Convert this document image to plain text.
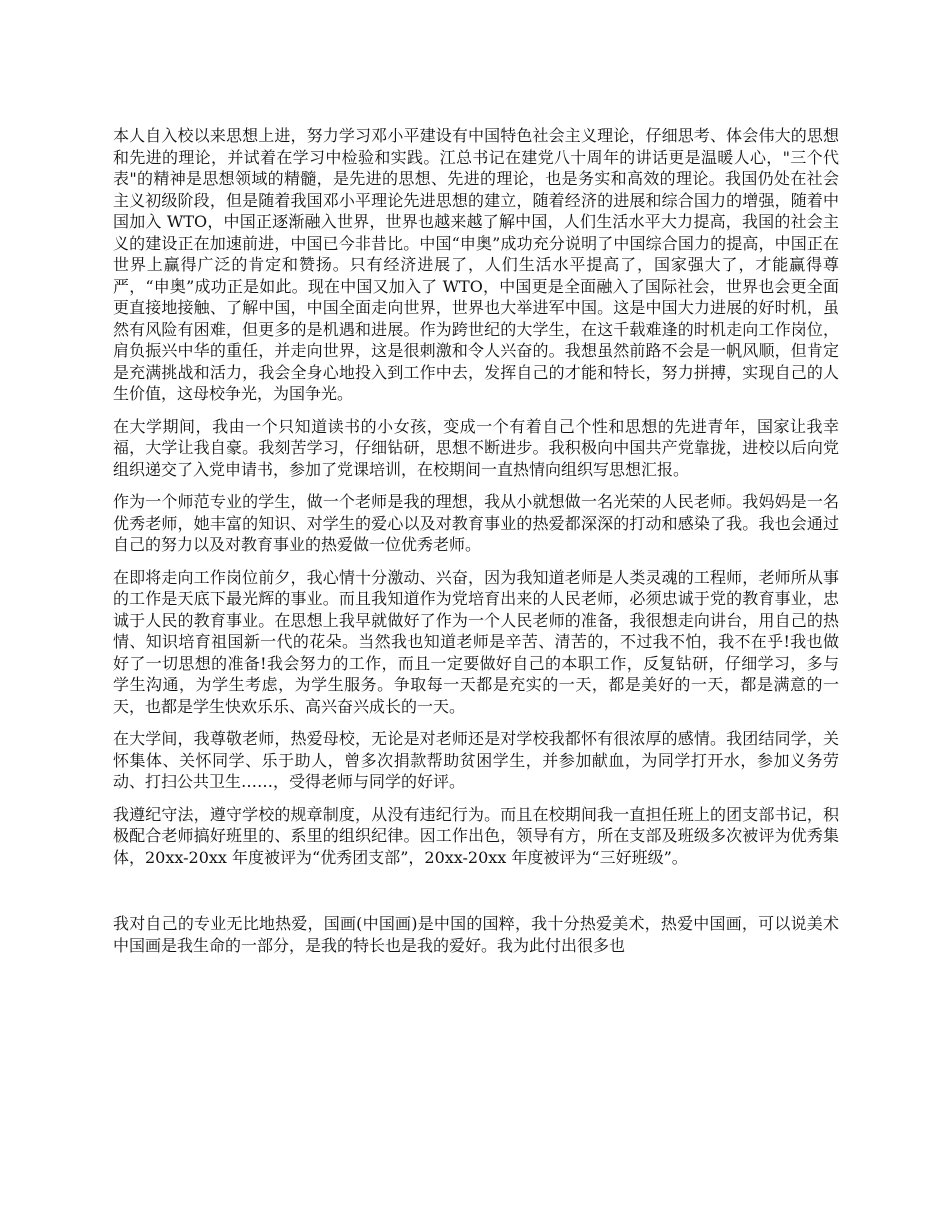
本人自入校以来思想上进，努力学习邓小平建设有中国特色社会主义理论，仔细思考、体会伟大的思想和先进的理论，并试着在学习中检验和实践。江总书记在建党八十周年的讲话更是温暖人心，"三个代表"的精神是思想领域的精髓，是先进的思想、先进的理论，也是务实和高效的理论。我国仍处在社会主义初级阶段，但是随着我国邓小平理论先进思想的建立，随着经济的进展和综合国力的增强，随着中国加入 WTO，中国正逐渐融入世界，世界也越来越了解中国，人们生活水平大力提高，我国的社会主义的建设正在加速前进，中国已今非昔比。中国“申奥”成功充分说明了中国综合国力的提高，中国正在世界上赢得广泛的肯定和赞扬。只有经济进展了，人们生活水平提高了，国家强大了，才能赢得尊严，“申奥”成功正是如此。现在中国又加入了 WTO，中国更是全面融入了国际社会，世界也会更全面更直接地接触、了解中国，中国全面走向世界，世界也大举进军中国。这是中国大力进展的好时机，虽然有风险有困难，但更多的是机遇和进展。作为跨世纪的大学生，在这千载难逢的时机走向工作岗位，肩负振兴中华的重任，并走向世界，这是很刺激和令人兴奋的。我想虽然前路不会是一帆风顺，但肯定是充满挑战和活力，我会全身心地投入到工作中去，发挥自己的才能和特长，努力拼搏，实现自己的人生价值，这母校争光，为国争光。

在大学期间，我由一个只知道读书的小女孩，变成一个有着自己个性和思想的先进青年，国家让我幸福，大学让我自豪。我刻苦学习，仔细钻研，思想不断进步。我积极向中国共产党靠拢，进校以后向党组织递交了入党申请书，参加了党课培训，在校期间一直热情向组织写思想汇报。

作为一个师范专业的学生，做一个老师是我的理想，我从小就想做一名光荣的人民老师。我妈妈是一名优秀老师，她丰富的知识、对学生的爱心以及对教育事业的热爱都深深的打动和感染了我。我也会通过自己的努力以及对教育事业的热爱做一位优秀老师。

在即将走向工作岗位前夕，我心情十分激动、兴奋，因为我知道老师是人类灵魂的工程师，老师所从事的工作是天底下最光辉的事业。而且我知道作为党培育出来的人民老师，必须忠诚于党的教育事业，忠诚于人民的教育事业。在思想上我早就做好了作为一个人民老师的准备，我很想走向讲台，用自己的热情、知识培育祖国新一代的花朵。当然我也知道老师是辛苦、清苦的，不过我不怕，我不在乎!我也做好了一切思想的准备!我会努力的工作，而且一定要做好自己的本职工作，反复钻研，仔细学习，多与学生沟通，为学生考虑，为学生服务。争取每一天都是充实的一天，都是美好的一天，都是满意的一天，也都是学生快欢乐乐、高兴奋兴成长的一天。

在大学间，我尊敬老师，热爱母校，无论是对老师还是对学校我都怀有很浓厚的感情。我团结同学，关怀集体、关怀同学、乐于助人，曾多次捐款帮助贫困学生，并参加献血，为同学打开水，参加义务劳动、打扫公共卫生……，受得老师与同学的好评。

我遵纪守法，遵守学校的规章制度，从没有违纪行为。而且在校期间我一直担任班上的团支部书记，积极配合老师搞好班里的、系里的组织纪律。因工作出色，领导有方，所在支部及班级多次被评为优秀集体，20xx-20xx 年度被评为“优秀团支部”，20xx-20xx 年度被评为“三好班级”。

我对自己的专业无比地热爱，国画(中国画)是中国的国粹，我十分热爱美术，热爱中国画，可以说美术中国画是我生命的一部分，是我的特长也是我的爱好。我为此付出很多也
